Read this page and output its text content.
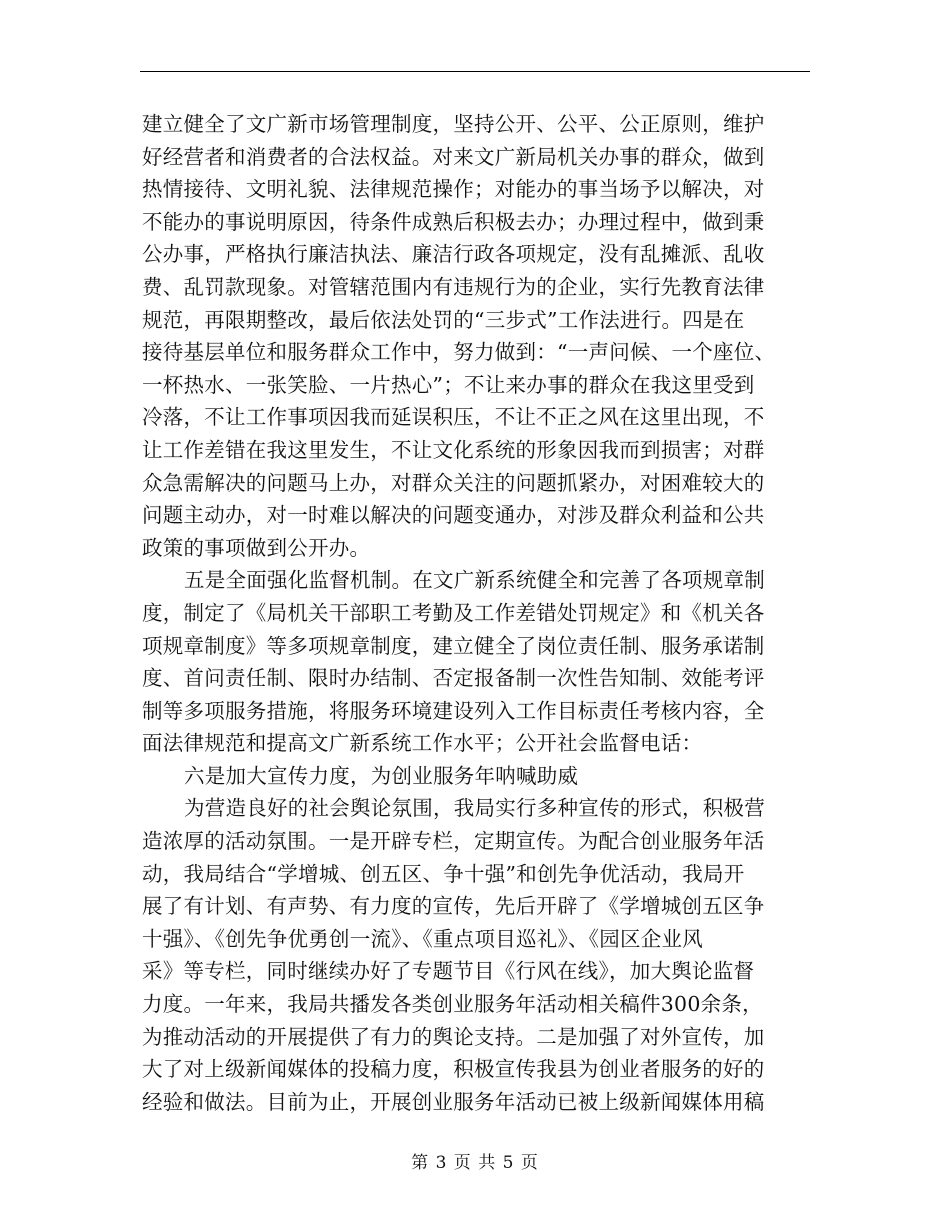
建立健全了文广新市场管理制度，坚持公开、公平、公正原则，维护
好经营者和消费者的合法权益。对来文广新局机关办事的群众，做到
热情接待、文明礼貌、法律规范操作；对能办的事当场予以解决，对
不能办的事说明原因，待条件成熟后积极去办；办理过程中，做到秉
公办事，严格执行廉洁执法、廉洁行政各项规定，没有乱摊派、乱收
费、乱罚款现象。对管辖范围内有违规行为的企业，实行先教育法律
规范，再限期整改，最后依法处罚的“三步式”工作法进行。四是在
接待基层单位和服务群众工作中，努力做到：“一声问候、一个座位、
一杯热水、一张笑脸、一片热心”；不让来办事的群众在我这里受到
冷落，不让工作事项因我而延误积压，不让不正之风在这里出现，不
让工作差错在我这里发生，不让文化系统的形象因我而到损害；对群
众急需解决的问题马上办，对群众关注的问题抓紧办，对困难较大的
问题主动办，对一时难以解决的问题变通办，对涉及群众利益和公共
政策的事项做到公开办。
五是全面强化监督机制。在文广新系统健全和完善了各项规章制
度，制定了《局机关干部职工考勤及工作差错处罚规定》和《机关各
项规章制度》等多项规章制度，建立健全了岗位责任制、服务承诺制
度、首问责任制、限时办结制、否定报备制一次性告知制、效能考评
制等多项服务措施，将服务环境建设列入工作目标责任考核内容，全
面法律规范和提高文广新系统工作水平；公开社会监督电话：
六是加大宣传力度，为创业服务年呐喊助威
为营造良好的社会舆论氛围，我局实行多种宣传的形式，积极营
造浓厚的活动氛围。一是开辟专栏，定期宣传。为配合创业服务年活
动，我局结合“学增城、创五区、争十强”和创先争优活动，我局开
展了有计划、有声势、有力度的宣传，先后开辟了《学增城创五区争
十强》、《创先争优勇创一流》、《重点项目巡礼》、《园区企业风
采》等专栏，同时继续办好了专题节目《行风在线》，加大舆论监督
力度。一年来，我局共播发各类创业服务年活动相关稿件300余条，
为推动活动的开展提供了有力的舆论支持。二是加强了对外宣传，加
大了对上级新闻媒体的投稿力度，积极宣传我县为创业者服务的好的
经验和做法。目前为止，开展创业服务年活动已被上级新闻媒体用稿
第 3 页 共 5 页
